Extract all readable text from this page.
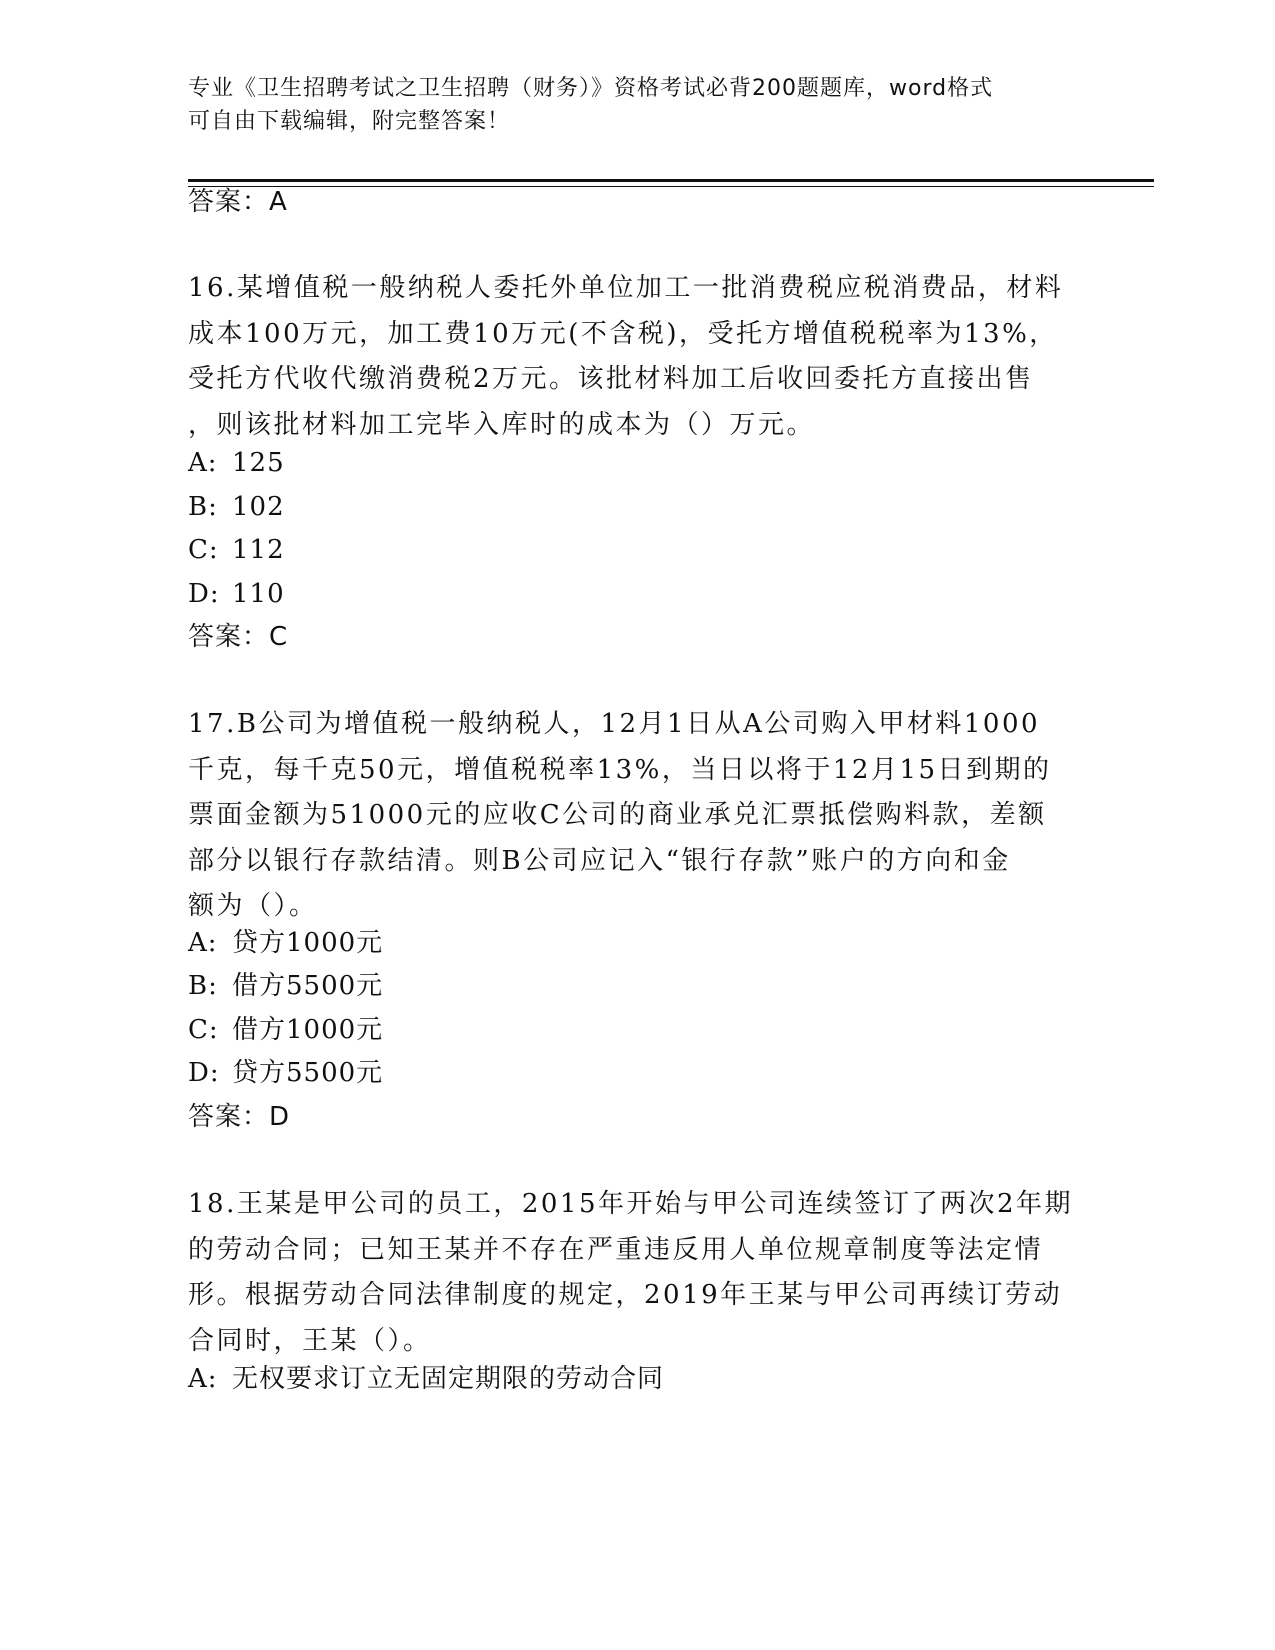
专业《卫生招聘考试之卫生招聘（财务）》资格考试必背200题题库，word格式
可自由下载编辑，附完整答案！
答案：A
16.某增值税一般纳税人委托外单位加工一批消费税应税消费品，材料
成本100万元，加工费10万元(不含税)，受托方增值税税率为13%，
受托方代收代缴消费税2万元。该批材料加工后收回委托方直接出售
，则该批材料加工完毕入库时的成本为（）万元。
A: 125
B: 102
C: 112
D: 110
答案：C
17.B公司为增值税一般纳税人，12月1日从A公司购入甲材料1000
千克，每千克50元，增值税税率13%，当日以将于12月15日到期的
票面金额为51000元的应收C公司的商业承兑汇票抵偿购料款，差额
部分以银行存款结清。则B公司应记入“银行存款”账户的方向和金
额为（）。
A: 贷方1000元
B: 借方5500元
C: 借方1000元
D: 贷方5500元
答案：D
18.王某是甲公司的员工，2015年开始与甲公司连续签订了两次2年期
的劳动合同；已知王某并不存在严重违反用人单位规章制度等法定情
形。根据劳动合同法律制度的规定，2019年王某与甲公司再续订劳动
合同时，王某（）。
A: 无权要求订立无固定期限的劳动合同
